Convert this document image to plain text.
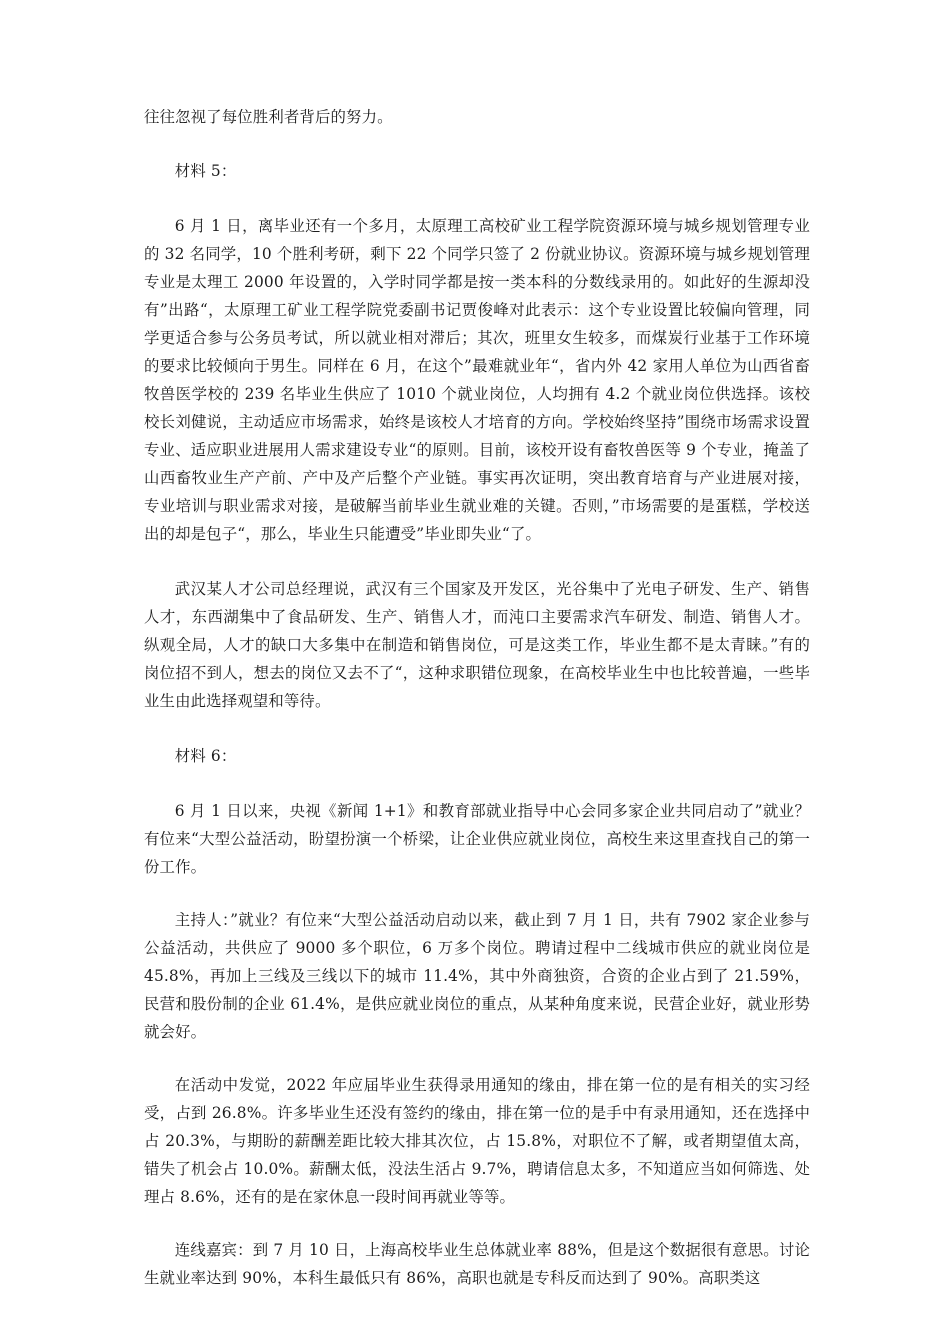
往往忽视了每位胜利者背后的努力。

材料 5：

6 月 1 日，离毕业还有一个多月，太原理工高校矿业工程学院资源环境与城乡规划管理专业的 32 名同学，10 个胜利考研，剩下 22 个同学只签了 2 份就业协议。资源环境与城乡规划管理专业是太理工 2000 年设置的，入学时同学都是按一类本科的分数线录用的。如此好的生源却没有”出路“，太原理工矿业工程学院党委副书记贾俊峰对此表示：这个专业设置比较偏向管理，同学更适合参与公务员考试，所以就业相对滞后；其次，班里女生较多，而煤炭行业基于工作环境的要求比较倾向于男生。同样在 6 月，在这个”最难就业年“，省内外 42 家用人单位为山西省畜牧兽医学校的 239 名毕业生供应了 1010 个就业岗位，人均拥有 4.2 个就业岗位供选择。该校校长刘健说，主动适应市场需求，始终是该校人才培育的方向。学校始终坚持”围绕市场需求设置专业、适应职业进展用人需求建设专业“的原则。目前，该校开设有畜牧兽医等 9 个专业，掩盖了山西畜牧业生产产前、产中及产后整个产业链。事实再次证明，突出教育培育与产业进展对接，专业培训与职业需求对接，是破解当前毕业生就业难的关键。否则，”市场需要的是蛋糕，学校送出的却是包子“，那么，毕业生只能遭受”毕业即失业“了。

武汉某人才公司总经理说，武汉有三个国家及开发区，光谷集中了光电子研发、生产、销售人才，东西湖集中了食品研发、生产、销售人才，而沌口主要需求汽车研发、制造、销售人才。纵观全局，人才的缺口大多集中在制造和销售岗位，可是这类工作，毕业生都不是太青睐。”有的岗位招不到人，想去的岗位又去不了“，这种求职错位现象，在高校毕业生中也比较普遍，一些毕业生由此选择观望和等待。

材料 6：

6 月 1 日以来，央视《新闻 1+1》和教育部就业指导中心会同多家企业共同启动了”就业？有位来“大型公益活动，盼望扮演一个桥梁，让企业供应就业岗位，高校生来这里查找自己的第一份工作。

主持人：”就业？有位来“大型公益活动启动以来，截止到 7 月 1 日，共有 7902 家企业参与公益活动，共供应了 9000 多个职位，6 万多个岗位。聘请过程中二线城市供应的就业岗位是 45.8%，再加上三线及三线以下的城市 11.4%，其中外商独资，合资的企业占到了 21.59%，民营和股份制的企业 61.4%，是供应就业岗位的重点，从某种角度来说，民营企业好，就业形势就会好。

在活动中发觉，2022 年应届毕业生获得录用通知的缘由，排在第一位的是有相关的实习经受，占到 26.8%。许多毕业生还没有签约的缘由，排在第一位的是手中有录用通知，还在选择中占 20.3%，与期盼的薪酬差距比较大排其次位，占 15.8%，对职位不了解，或者期望值太高，错失了机会占 10.0%。薪酬太低，没法生活占 9.7%，聘请信息太多，不知道应当如何筛选、处理占 8.6%，还有的是在家休息一段时间再就业等等。

连线嘉宾：到 7 月 10 日，上海高校毕业生总体就业率 88%，但是这个数据很有意思。讨论生就业率达到 90%，本科生最低只有 86%，高职也就是专科反而达到了 90%。高职类这
